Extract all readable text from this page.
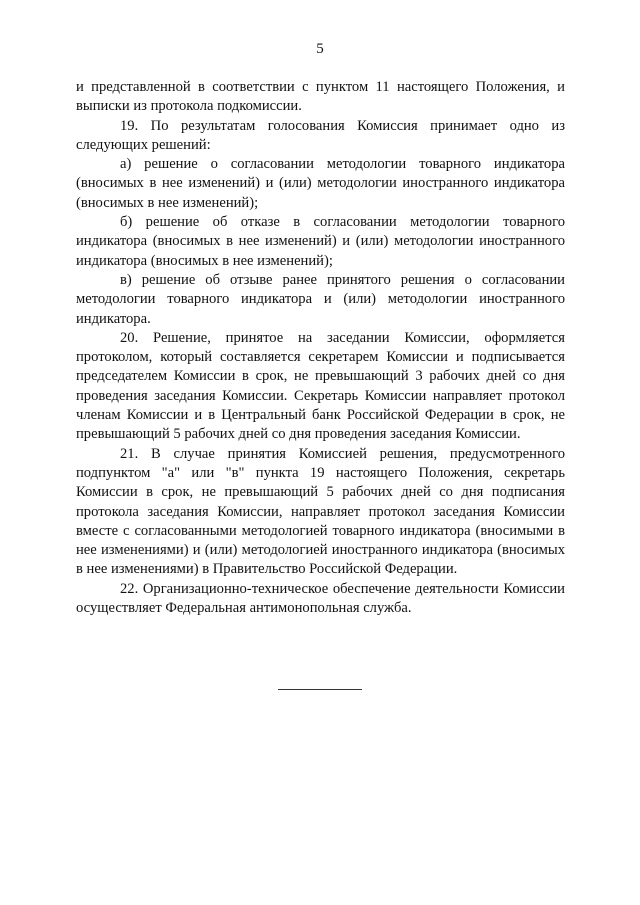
5

и представленной в соответствии с пунктом 11 настоящего Положения, и выписки из протокола подкомиссии.

19. По результатам голосования Комиссия принимает одно из следующих решений:

а) решение о согласовании методологии товарного индикатора (вносимых в нее изменений) и (или) методологии иностранного индикатора (вносимых в нее изменений);

б) решение об отказе в согласовании методологии товарного индикатора (вносимых в нее изменений) и (или) методологии иностранного индикатора (вносимых в нее изменений);

в) решение об отзыве ранее принятого решения о согласовании методологии товарного индикатора и (или) методологии иностранного индикатора.

20. Решение, принятое на заседании Комиссии, оформляется протоколом, который составляется секретарем Комиссии и подписывается председателем Комиссии в срок, не превышающий 3 рабочих дней со дня проведения заседания Комиссии. Секретарь Комиссии направляет протокол членам Комиссии и в Центральный банк Российской Федерации в срок, не превышающий 5 рабочих дней со дня проведения заседания Комиссии.

21. В случае принятия Комиссией решения, предусмотренного подпунктом "а" или "в" пункта 19 настоящего Положения, секретарь Комиссии в срок, не превышающий 5 рабочих дней со дня подписания протокола заседания Комиссии, направляет протокол заседания Комиссии вместе с согласованными методологией товарного индикатора (вносимыми в нее изменениями) и (или) методологией иностранного индикатора (вносимых в нее изменениями) в Правительство Российской Федерации.

22. Организационно-техническое обеспечение деятельности Комиссии осуществляет Федеральная антимонопольная служба.
